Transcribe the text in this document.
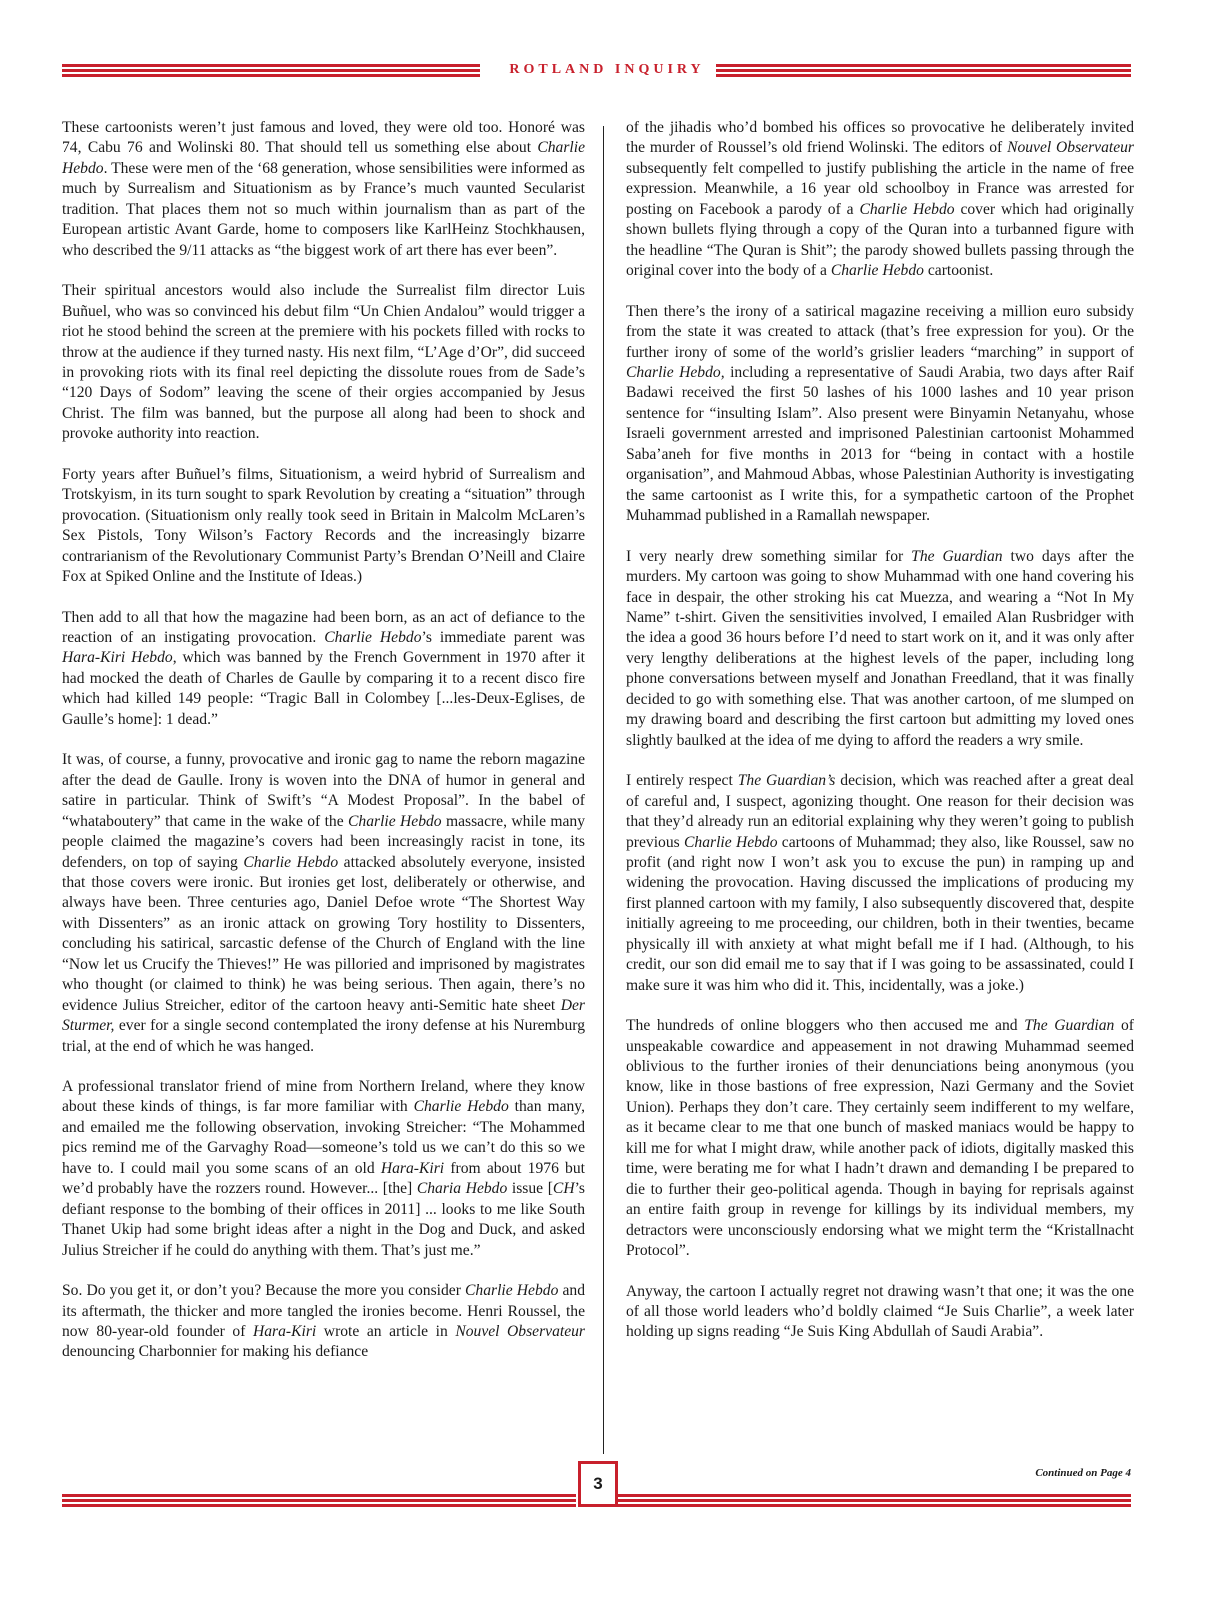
ROTLAND INQUIRY

These cartoonists weren’t just famous and loved, they were old too. Honoré was 74, Cabu 76 and Wolinski 80. That should tell us something else about Charlie Hebdo. These were men of the ‘68 generation, whose sensibilities were informed as much by Surrealism and Situationism as by France’s much vaunted Secularist tradition. That places them not so much within journalism than as part of the European artistic Avant Garde, home to composers like KarlHeinz Stochkhausen, who described the 9/11 attacks as “the biggest work of art there has ever been”.

Their spiritual ancestors would also include the Surrealist film director Luis Buñuel, who was so convinced his debut film “Un Chien Andalou” would trigger a riot he stood behind the screen at the premiere with his pockets filled with rocks to throw at the audience if they turned nasty. His next film, “L’Age d’Or”, did succeed in provoking riots with its final reel depicting the dissolute roues from de Sade’s “120 Days of Sodom” leaving the scene of their orgies accompanied by Jesus Christ. The film was banned, but the purpose all along had been to shock and provoke authority into reaction.

Forty years after Buñuel’s films, Situationism, a weird hybrid of Surrealism and Trotskyism, in its turn sought to spark Revolution by creating a “situation” through provocation. (Situationism only really took seed in Britain in Malcolm McLaren’s Sex Pistols, Tony Wilson’s Factory Records and the increasingly bizarre contrarianism of the Revolutionary Communist Party’s Brendan O’Neill and Claire Fox at Spiked Online and the Institute of Ideas.)

Then add to all that how the magazine had been born, as an act of defiance to the reaction of an instigating provocation. Charlie Hebdo’s immediate parent was Hara-Kiri Hebdo, which was banned by the French Government in 1970 after it had mocked the death of Charles de Gaulle by comparing it to a recent disco fire which had killed 149 people: “Tragic Ball in Colombey [...les-Deux-Eglises, de Gaulle’s home]: 1 dead.”

It was, of course, a funny, provocative and ironic gag to name the reborn magazine after the dead de Gaulle. Irony is woven into the DNA of humor in general and satire in particular. Think of Swift’s “A Modest Proposal”. In the babel of “whataboutery” that came in the wake of the Charlie Hebdo massacre, while many people claimed the magazine’s covers had been increasingly racist in tone, its defenders, on top of saying Charlie Hebdo attacked absolutely everyone, insisted that those covers were ironic. But ironies get lost, deliberately or otherwise, and always have been. Three centuries ago, Daniel Defoe wrote “The Shortest Way with Dissenters” as an ironic attack on growing Tory hostility to Dissenters, concluding his satirical, sarcastic defense of the Church of England with the line “Now let us Crucify the Thieves!” He was pilloried and imprisoned by magistrates who thought (or claimed to think) he was being serious. Then again, there’s no evidence Julius Streicher, editor of the cartoon heavy anti-Semitic hate sheet Der Sturmer, ever for a single second contemplated the irony defense at his Nuremburg trial, at the end of which he was hanged.

A professional translator friend of mine from Northern Ireland, where they know about these kinds of things, is far more familiar with Charlie Hebdo than many, and emailed me the following observation, invoking Streicher: “The Mohammed pics remind me of the Garvaghy Road—someone’s told us we can’t do this so we have to. I could mail you some scans of an old Hara-Kiri from about 1976 but we’d probably have the rozzers round. However... [the] Charia Hebdo issue [CH’s defiant response to the bombing of their offices in 2011] ... looks to me like South Thanet Ukip had some bright ideas after a night in the Dog and Duck, and asked Julius Streicher if he could do anything with them. That’s just me.”

So. Do you get it, or don’t you? Because the more you consider Charlie Hebdo and its aftermath, the thicker and more tangled the ironies become. Henri Roussel, the now 80-year-old founder of Hara-Kiri wrote an article in Nouvel Observateur denouncing Charbonnier for making his defiance

of the jihadis who’d bombed his offices so provocative he deliberately invited the murder of Roussel’s old friend Wolinski. The editors of Nouvel Observateur subsequently felt compelled to justify publishing the article in the name of free expression. Meanwhile, a 16 year old schoolboy in France was arrested for posting on Facebook a parody of a Charlie Hebdo cover which had originally shown bullets flying through a copy of the Quran into a turbanned figure with the headline “The Quran is Shit”; the parody showed bullets passing through the original cover into the body of a Charlie Hebdo cartoonist.

Then there’s the irony of a satirical magazine receiving a million euro subsidy from the state it was created to attack (that’s free expression for you). Or the further irony of some of the world’s grislier leaders “marching” in support of Charlie Hebdo, including a representative of Saudi Arabia, two days after Raif Badawi received the first 50 lashes of his 1000 lashes and 10 year prison sentence for “insulting Islam”. Also present were Binyamin Netanyahu, whose Israeli government arrested and imprisoned Palestinian cartoonist Mohammed Saba’aneh for five months in 2013 for “being in contact with a hostile organisation”, and Mahmoud Abbas, whose Palestinian Authority is investigating the same cartoonist as I write this, for a sympathetic cartoon of the Prophet Muhammad published in a Ramallah newspaper.

I very nearly drew something similar for The Guardian two days after the murders. My cartoon was going to show Muhammad with one hand covering his face in despair, the other stroking his cat Muezza, and wearing a “Not In My Name” t-shirt. Given the sensitivities involved, I emailed Alan Rusbridger with the idea a good 36 hours before I’d need to start work on it, and it was only after very lengthy deliberations at the highest levels of the paper, including long phone conversations between myself and Jonathan Freedland, that it was finally decided to go with something else. That was another cartoon, of me slumped on my drawing board and describing the first cartoon but admitting my loved ones slightly baulked at the idea of me dying to afford the readers a wry smile.

I entirely respect The Guardian’s decision, which was reached after a great deal of careful and, I suspect, agonizing thought. One reason for their decision was that they’d already run an editorial explaining why they weren’t going to publish previous Charlie Hebdo cartoons of Muhammad; they also, like Roussel, saw no profit (and right now I won’t ask you to excuse the pun) in ramping up and widening the provocation. Having discussed the implications of producing my first planned cartoon with my family, I also subsequently discovered that, despite initially agreeing to me proceeding, our children, both in their twenties, became physically ill with anxiety at what might befall me if I had. (Although, to his credit, our son did email me to say that if I was going to be assassinated, could I make sure it was him who did it. This, incidentally, was a joke.)

The hundreds of online bloggers who then accused me and The Guardian of unspeakable cowardice and appeasement in not drawing Muhammad seemed oblivious to the further ironies of their denunciations being anonymous (you know, like in those bastions of free expression, Nazi Germany and the Soviet Union). Perhaps they don’t care. They certainly seem indifferent to my welfare, as it became clear to me that one bunch of masked maniacs would be happy to kill me for what I might draw, while another pack of idiots, digitally masked this time, were berating me for what I hadn’t drawn and demanding I be prepared to die to further their geo-political agenda. Though in baying for reprisals against an entire faith group in revenge for killings by its individual members, my detractors were unconsciously endorsing what we might term the “Kristallnacht Protocol”.

Anyway, the cartoon I actually regret not drawing wasn’t that one; it was the one of all those world leaders who’d boldly claimed “Je Suis Charlie”, a week later holding up signs reading “Je Suis King Abdullah of Saudi Arabia”.

Continued on Page 4
3
